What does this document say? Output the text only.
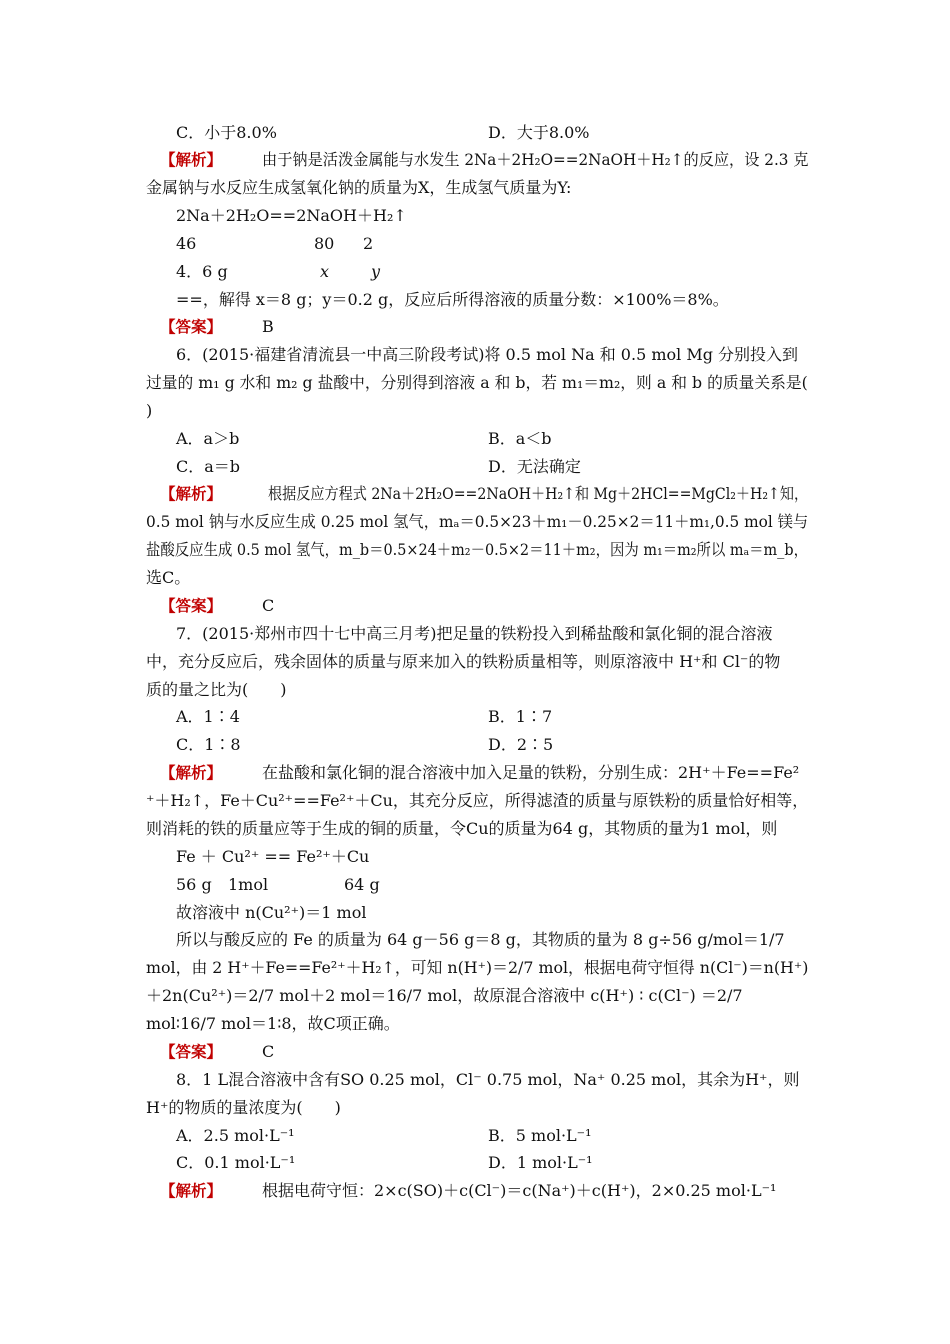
C．小于8.0%	D．大于8.0%
【解析】 由于钠是活泼金属能与水发生 2Na＋2H₂O==2NaOH＋H₂↑的反应，设 2.3 克
金属钠与水反应生成氢氧化钠的质量为X，生成氢气质量为Y:
2Na＋2H₂O==2NaOH＋H₂↑
46	80 2
4．6 g	x	y
==，解得 x＝8 g；y＝0.2 g，反应后所得溶液的质量分数：×100%＝8%。
【答案】 B
6．(2015·福建省清流县一中高三阶段考试)将 0.5 mol Na 和 0.5 mol Mg 分别投入到
过量的 m₁ g 水和 m₂ g 盐酸中，分别得到溶液 a 和 b，若 m₁＝m₂，则 a 和 b 的质量关系是(
)
A．a＞b	B．a＜b
C．a＝b	D．无法确定
【解析】	根据反应方程式 2Na＋2H₂O==2NaOH＋H₂↑和 Mg＋2HCl==MgCl₂＋H₂↑知，
0.5 mol 钠与水反应生成 0.25 mol 氢气，mₐ＝0.5×23＋m₁－0.25×2＝11＋m₁,0.5 mol 镁与
盐酸反应生成 0.5 mol 氢气，m_b＝0.5×24＋m₂－0.5×2＝11＋m₂，因为 m₁＝m₂所以 mₐ＝m_b，
选C。
【答案】 C
7．(2015·郑州市四十七中高三月考)把足量的铁粉投入到稀盐酸和氯化铜的混合溶液
中，充分反应后，残余固体的质量与原来加入的铁粉质量相等，则原溶液中 H⁺和 Cl⁻的物
质的量之比为(　　)
A．1∶4	B．1∶7
C．1∶8	D．2∶5
【解析】 在盐酸和氯化铜的混合溶液中加入足量的铁粉，分别生成：2H⁺＋Fe==Fe²
⁺＋H₂↑，Fe＋Cu²⁺==Fe²⁺＋Cu，其充分反应，所得滤渣的质量与原铁粉的质量恰好相等，
则消耗的铁的质量应等于生成的铜的质量，令Cu的质量为64 g，其物质的量为1 mol，则
Fe ＋ Cu²⁺ == Fe²⁺＋Cu
56 g 1mol	64 g
故溶液中 n(Cu²⁺)＝1 mol
所以与酸反应的 Fe 的质量为 64 g－56 g＝8 g，其物质的量为 8 g÷56 g/mol＝1/7
mol，由 2 H⁺＋Fe==Fe²⁺＋H₂↑，可知 n(H⁺)＝2/7 mol，根据电荷守恒得 n(Cl⁻)＝n(H⁺)
＋2n(Cu²⁺)＝2/7 mol＋2 mol＝16/7 mol，故原混合溶液中 c(H⁺) ∶ c(Cl⁻) ＝2/7
mol∶16/7 mol＝1∶8，故C项正确。
【答案】 C
8．1 L混合溶液中含有SO 0.25 mol，Cl⁻ 0.75 mol，Na⁺ 0.25 mol，其余为H⁺，则
H⁺的物质的量浓度为(　　)
A．2.5 mol·L⁻¹	B．5 mol·L⁻¹
C．0.1 mol·L⁻¹	D．1 mol·L⁻¹
【解析】 根据电荷守恒：2×c(SO)＋c(Cl⁻)＝c(Na⁺)＋c(H⁺)，2×0.25 mol·L⁻¹
